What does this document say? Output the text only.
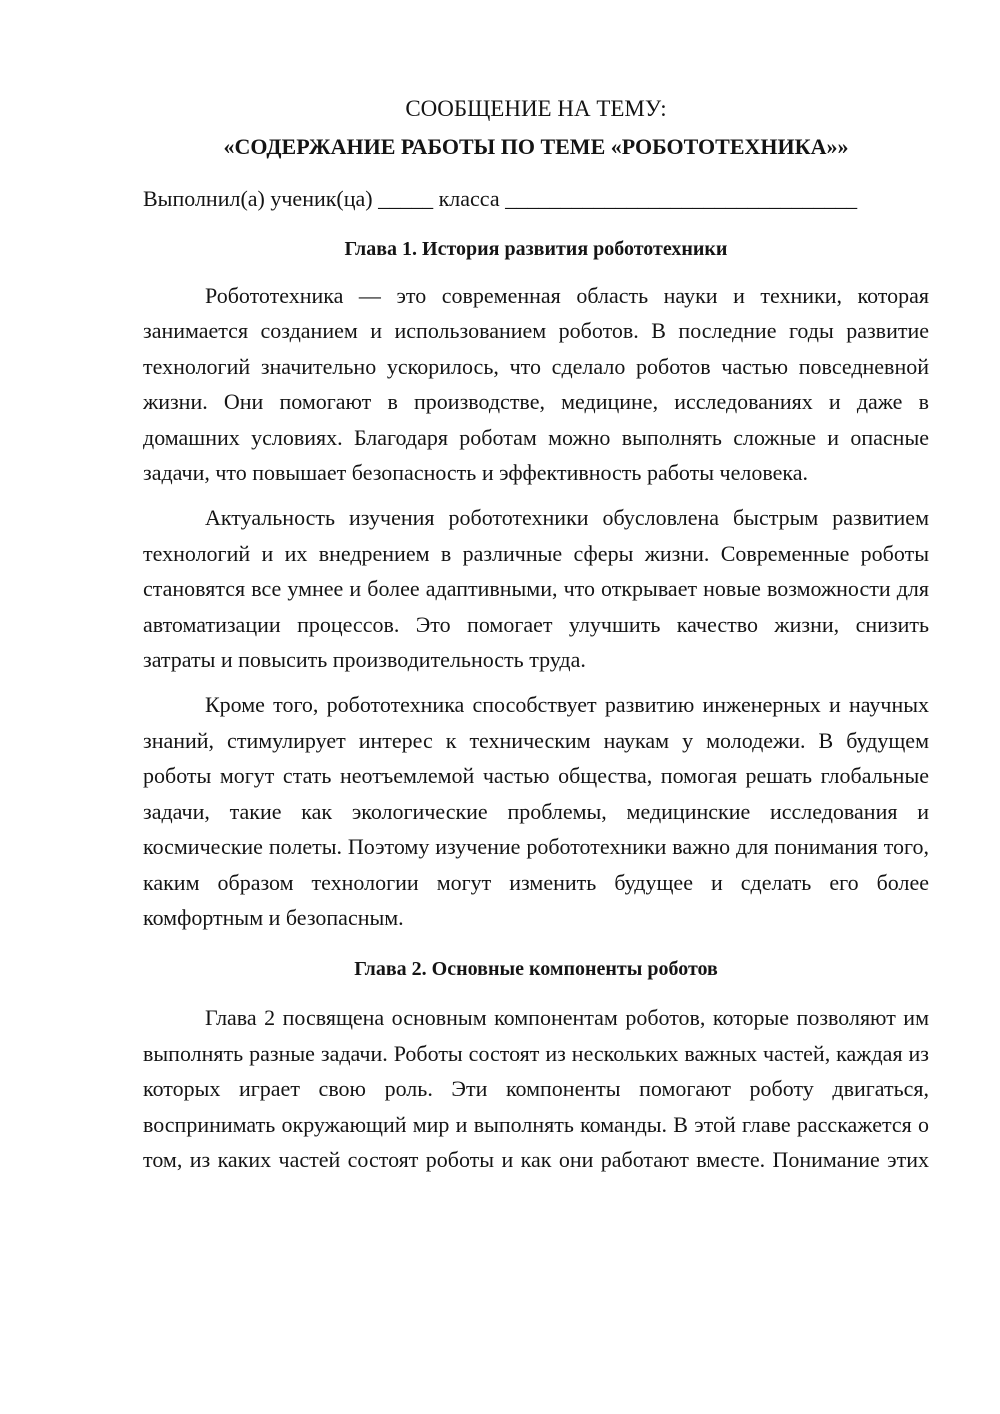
СООБЩЕНИЕ НА ТЕМУ:
«СОДЕРЖАНИЕ РАБОТЫ ПО ТЕМЕ «РОБОТОТЕХНИКА»»

Выполнил(а) ученик(ца) _____ класса ________________________________

Глава 1. История развития робототехники

Робототехника — это современная область науки и техники, которая занимается созданием и использованием роботов. В последние годы развитие технологий значительно ускорилось, что сделало роботов частью повседневной жизни. Они помогают в производстве, медицине, исследованиях и даже в домашних условиях. Благодаря роботам можно выполнять сложные и опасные задачи, что повышает безопасность и эффективность работы человека.

Актуальность изучения робототехники обусловлена быстрым развитием технологий и их внедрением в различные сферы жизни. Современные роботы становятся все умнее и более адаптивными, что открывает новые возможности для автоматизации процессов. Это помогает улучшить качество жизни, снизить затраты и повысить производительность труда.

Кроме того, робототехника способствует развитию инженерных и научных знаний, стимулирует интерес к техническим наукам у молодежи. В будущем роботы могут стать неотъемлемой частью общества, помогая решать глобальные задачи, такие как экологические проблемы, медицинские исследования и космические полеты. Поэтому изучение робототехники важно для понимания того, каким образом технологии могут изменить будущее и сделать его более комфортным и безопасным.

Глава 2. Основные компоненты роботов

Глава 2 посвящена основным компонентам роботов, которые позволяют им выполнять разные задачи. Роботы состоят из нескольких важных частей, каждая из которых играет свою роль. Эти компоненты помогают роботу двигаться, воспринимать окружающий мир и выполнять команды. В этой главе расскажется о том, из каких частей состоят роботы и как они работают вместе. Понимание этих
